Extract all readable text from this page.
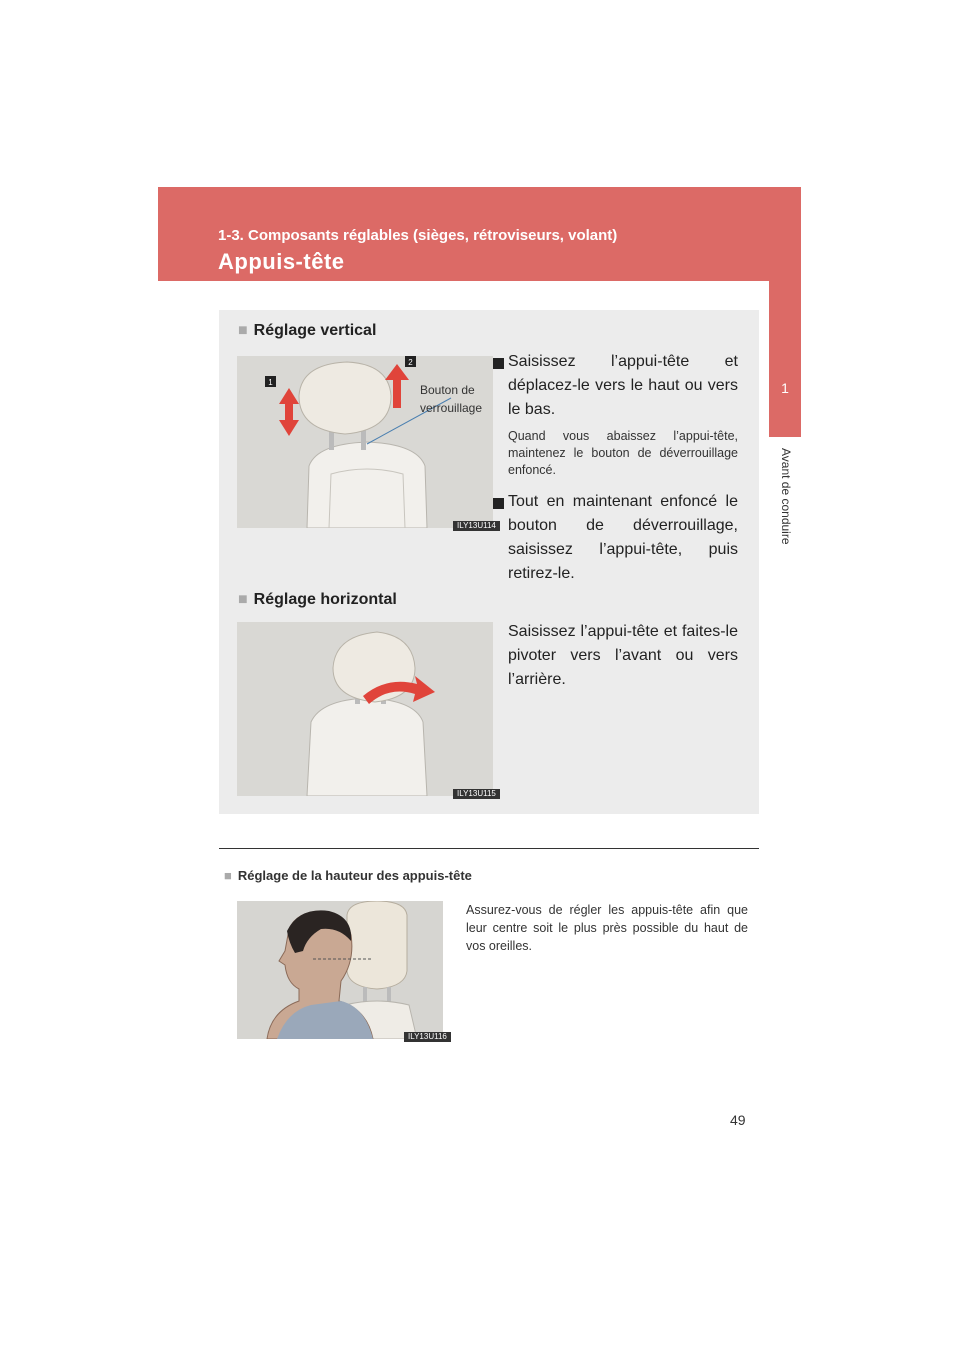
1-3. Composants réglables (sièges, rétroviseurs, volant)
Appuis-tête
1
Avant de conduire
■ Réglage vertical
1
2
ILY13U114
Bouton de
verrouillage
Saisissez l’appui-tête et déplacez-le vers le haut ou vers le bas.
Quand vous abaissez l’appui-tête, maintenez le bouton de déverrouillage enfoncé.
Tout en maintenant enfoncé le bouton de déverrouillage, saisissez l’appui-tête, puis retirez-le.
■ Réglage horizontal
ILY13U115
Saisissez l’appui-tête et faites-le pivoter vers l’avant ou vers l’arrière.
■ Réglage de la hauteur des appuis-tête
ILY13U116
Assurez-vous de régler les appuis-tête afin que leur centre soit le plus près possible du haut de vos oreilles.
49
